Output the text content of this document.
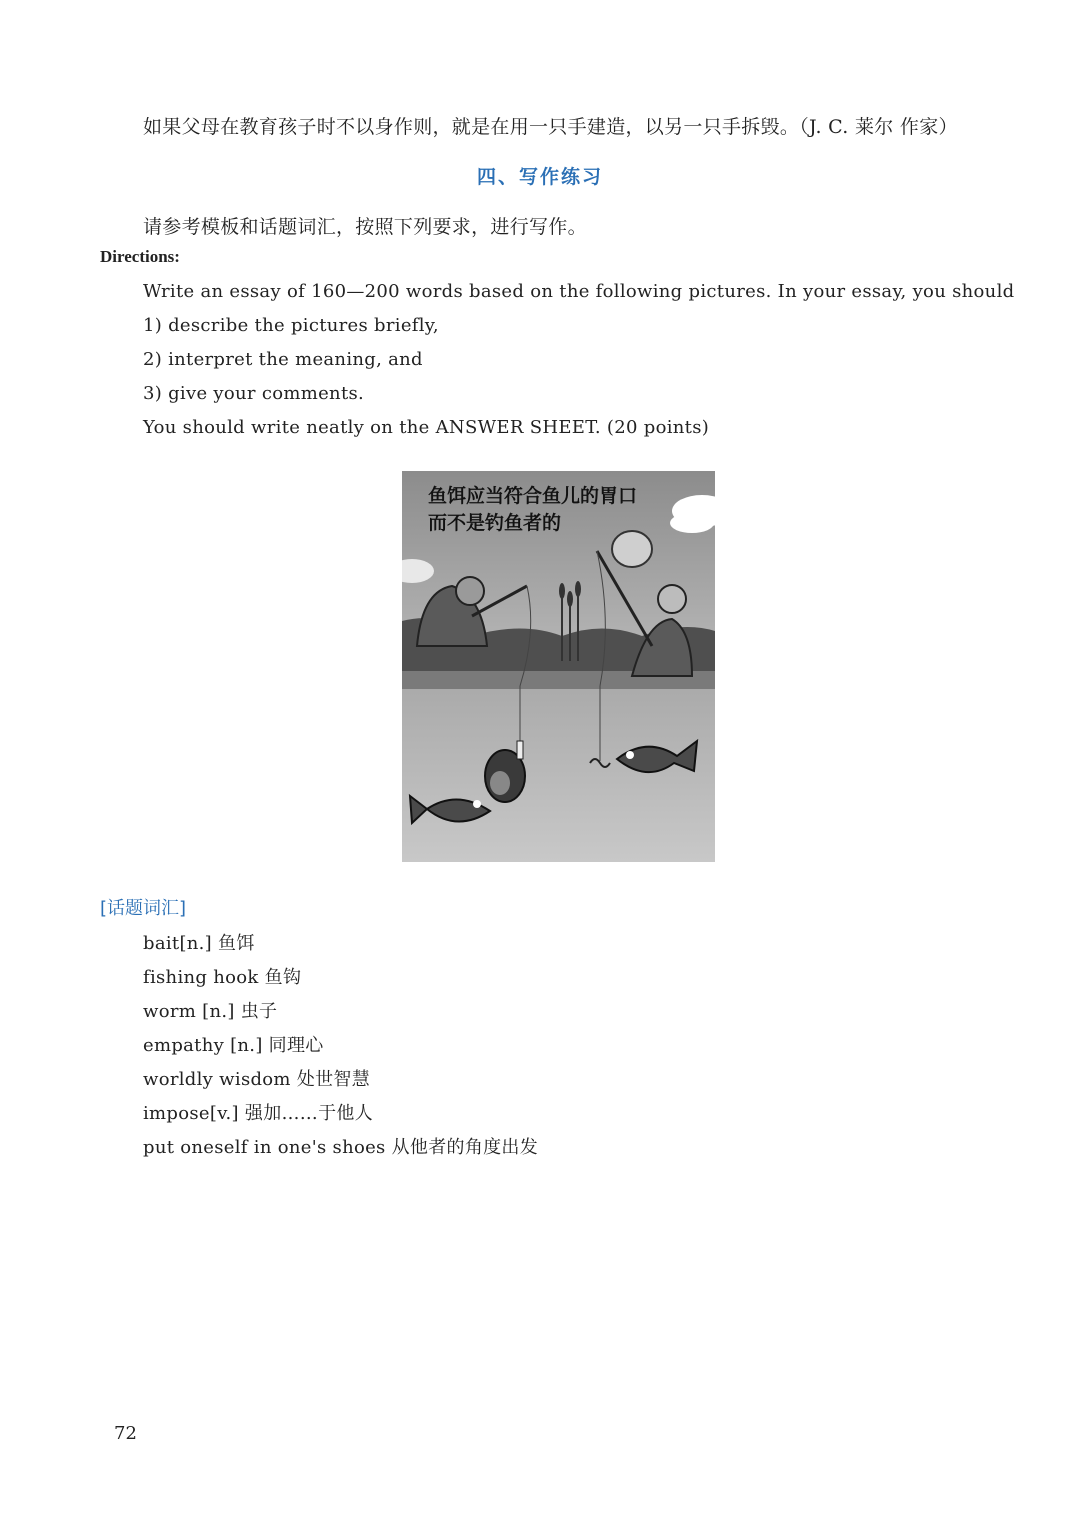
如果父母在教育孩子时不以身作则，就是在用一只手建造，以另一只手拆毁。（J. C. 莱尔 作家）
四、写作练习
请参考模板和话题词汇，按照下列要求，进行写作。
Directions:
Write an essay of 160—200 words based on the following pictures. In your essay, you should
1) describe the pictures briefly,
2) interpret the meaning, and
3) give your comments.
You should write neatly on the ANSWER SHEET. (20 points)
鱼饵应当符合鱼儿的胃口
而不是钓鱼者的
[话题词汇]
bait[n.] 鱼饵
fishing hook 鱼钩
worm [n.] 虫子
empathy [n.] 同理心
worldly wisdom 处世智慧
impose[v.] 强加……于他人
put oneself in one's shoes 从他者的角度出发
72
